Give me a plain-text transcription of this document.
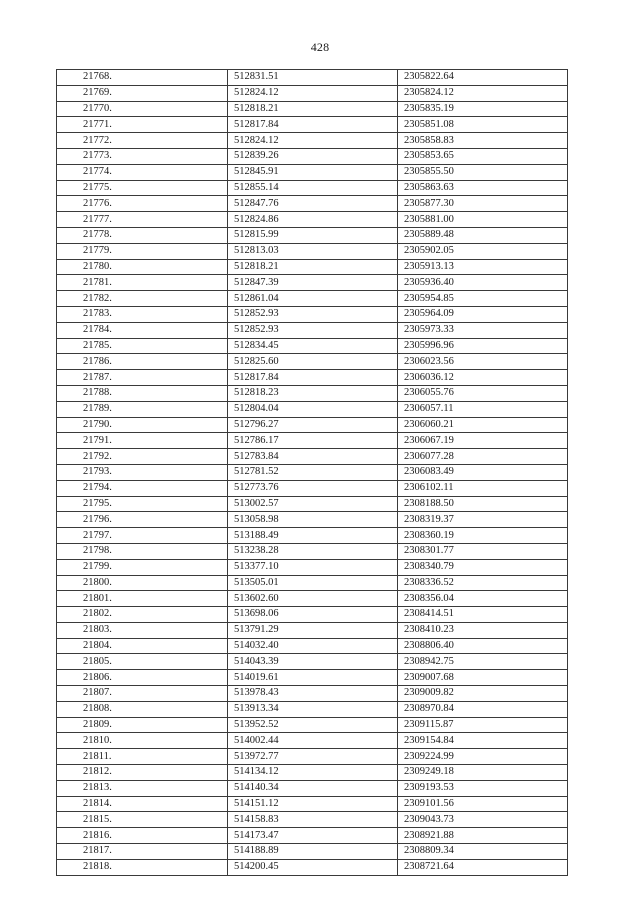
428
21768.	512831.51	2305822.64
21769.	512824.12	2305824.12
21770.	512818.21	2305835.19
21771.	512817.84	2305851.08
21772.	512824.12	2305858.83
21773.	512839.26	2305853.65
21774.	512845.91	2305855.50
21775.	512855.14	2305863.63
21776.	512847.76	2305877.30
21777.	512824.86	2305881.00
21778.	512815.99	2305889.48
21779.	512813.03	2305902.05
21780.	512818.21	2305913.13
21781.	512847.39	2305936.40
21782.	512861.04	2305954.85
21783.	512852.93	2305964.09
21784.	512852.93	2305973.33
21785.	512834.45	2305996.96
21786.	512825.60	2306023.56
21787.	512817.84	2306036.12
21788.	512818.23	2306055.76
21789.	512804.04	2306057.11
21790.	512796.27	2306060.21
21791.	512786.17	2306067.19
21792.	512783.84	2306077.28
21793.	512781.52	2306083.49
21794.	512773.76	2306102.11
21795.	513002.57	2308188.50
21796.	513058.98	2308319.37
21797.	513188.49	2308360.19
21798.	513238.28	2308301.77
21799.	513377.10	2308340.79
21800.	513505.01	2308336.52
21801.	513602.60	2308356.04
21802.	513698.06	2308414.51
21803.	513791.29	2308410.23
21804.	514032.40	2308806.40
21805.	514043.39	2308942.75
21806.	514019.61	2309007.68
21807.	513978.43	2309009.82
21808.	513913.34	2308970.84
21809.	513952.52	2309115.87
21810.	514002.44	2309154.84
21811.	513972.77	2309224.99
21812.	514134.12	2309249.18
21813.	514140.34	2309193.53
21814.	514151.12	2309101.56
21815.	514158.83	2309043.73
21816.	514173.47	2308921.88
21817.	514188.89	2308809.34
21818.	514200.45	2308721.64
